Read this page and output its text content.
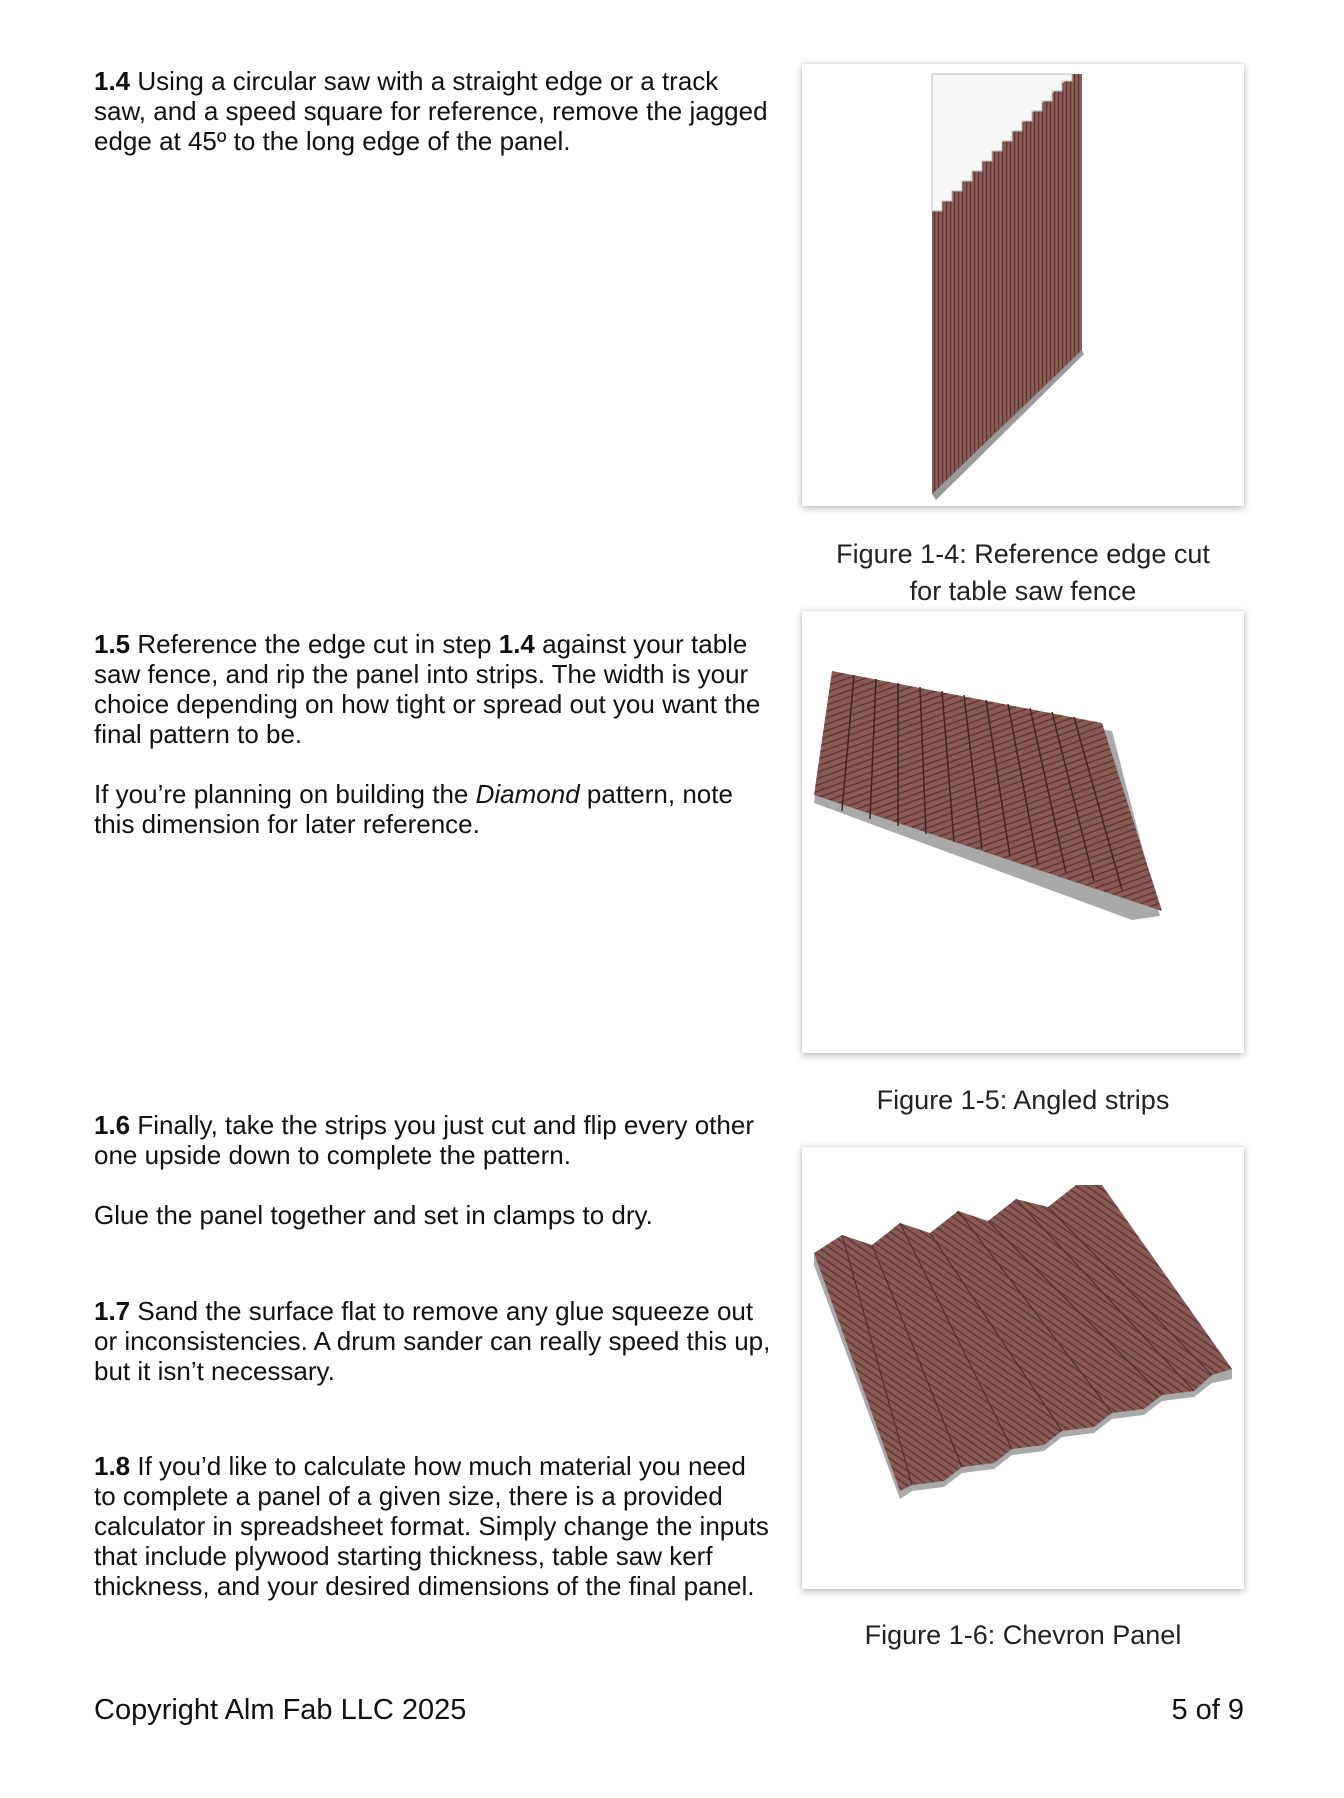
1.4 Using a circular saw with a straight edge or a track saw, and a speed square for reference, remove the jagged edge at 45º to the long edge of the panel.

Figure 1-4: Reference edge cut
for table saw fence

1.5 Reference the edge cut in step 1.4 against your table saw fence, and rip the panel into strips. The width is your choice depending on how tight or spread out you want the final pattern to be.

If you’re planning on building the Diamond pattern, note this dimension for later reference.

Figure 1-5: Angled strips

1.6 Finally, take the strips you just cut and flip every other one upside down to complete the pattern.

Glue the panel together and set in clamps to dry.

1.7 Sand the surface flat to remove any glue squeeze out or inconsistencies. A drum sander can really speed this up, but it isn’t necessary.

1.8 If you’d like to calculate how much material you need to complete a panel of a given size, there is a provided calculator in spreadsheet format. Simply change the inputs that include plywood starting thickness, table saw kerf thickness, and your desired dimensions of the final panel.

Figure 1-6: Chevron Panel
Copyright Alm Fab LLC 2025	5 of 9
